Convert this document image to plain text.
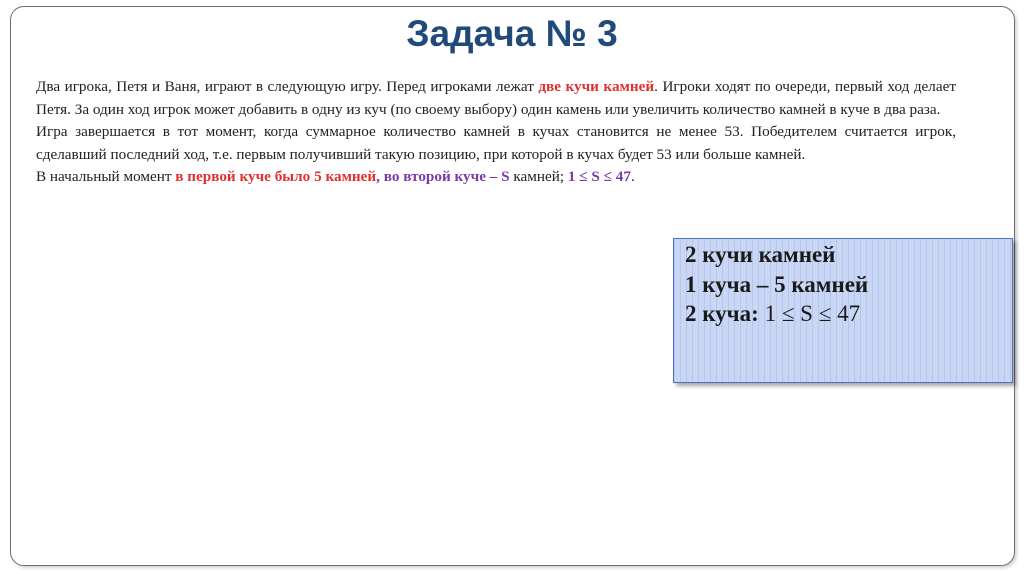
Задача № 3

Два игрока, Петя и Ваня, играют в следующую игру. Перед игроками лежат две кучи камней. Игроки ходят по очереди, первый ход делает Петя. За один ход игрок может добавить в одну из куч (по своему выбору) один камень или увеличить количество камней в куче в два раза.

Игра завершается в тот момент, когда суммарное количество камней в кучах становится не менее 53. Победителем считается игрок, сделавший последний ход, т.е. первым получивший такую позицию, при которой в кучах будет 53 или больше камней.

В начальный момент в первой куче было 5 камней, во второй куче – S камней; 1 ≤ S ≤ 47.

2 кучи камней
1 куча – 5 камней
2 куча: 1 ≤ S ≤ 47
